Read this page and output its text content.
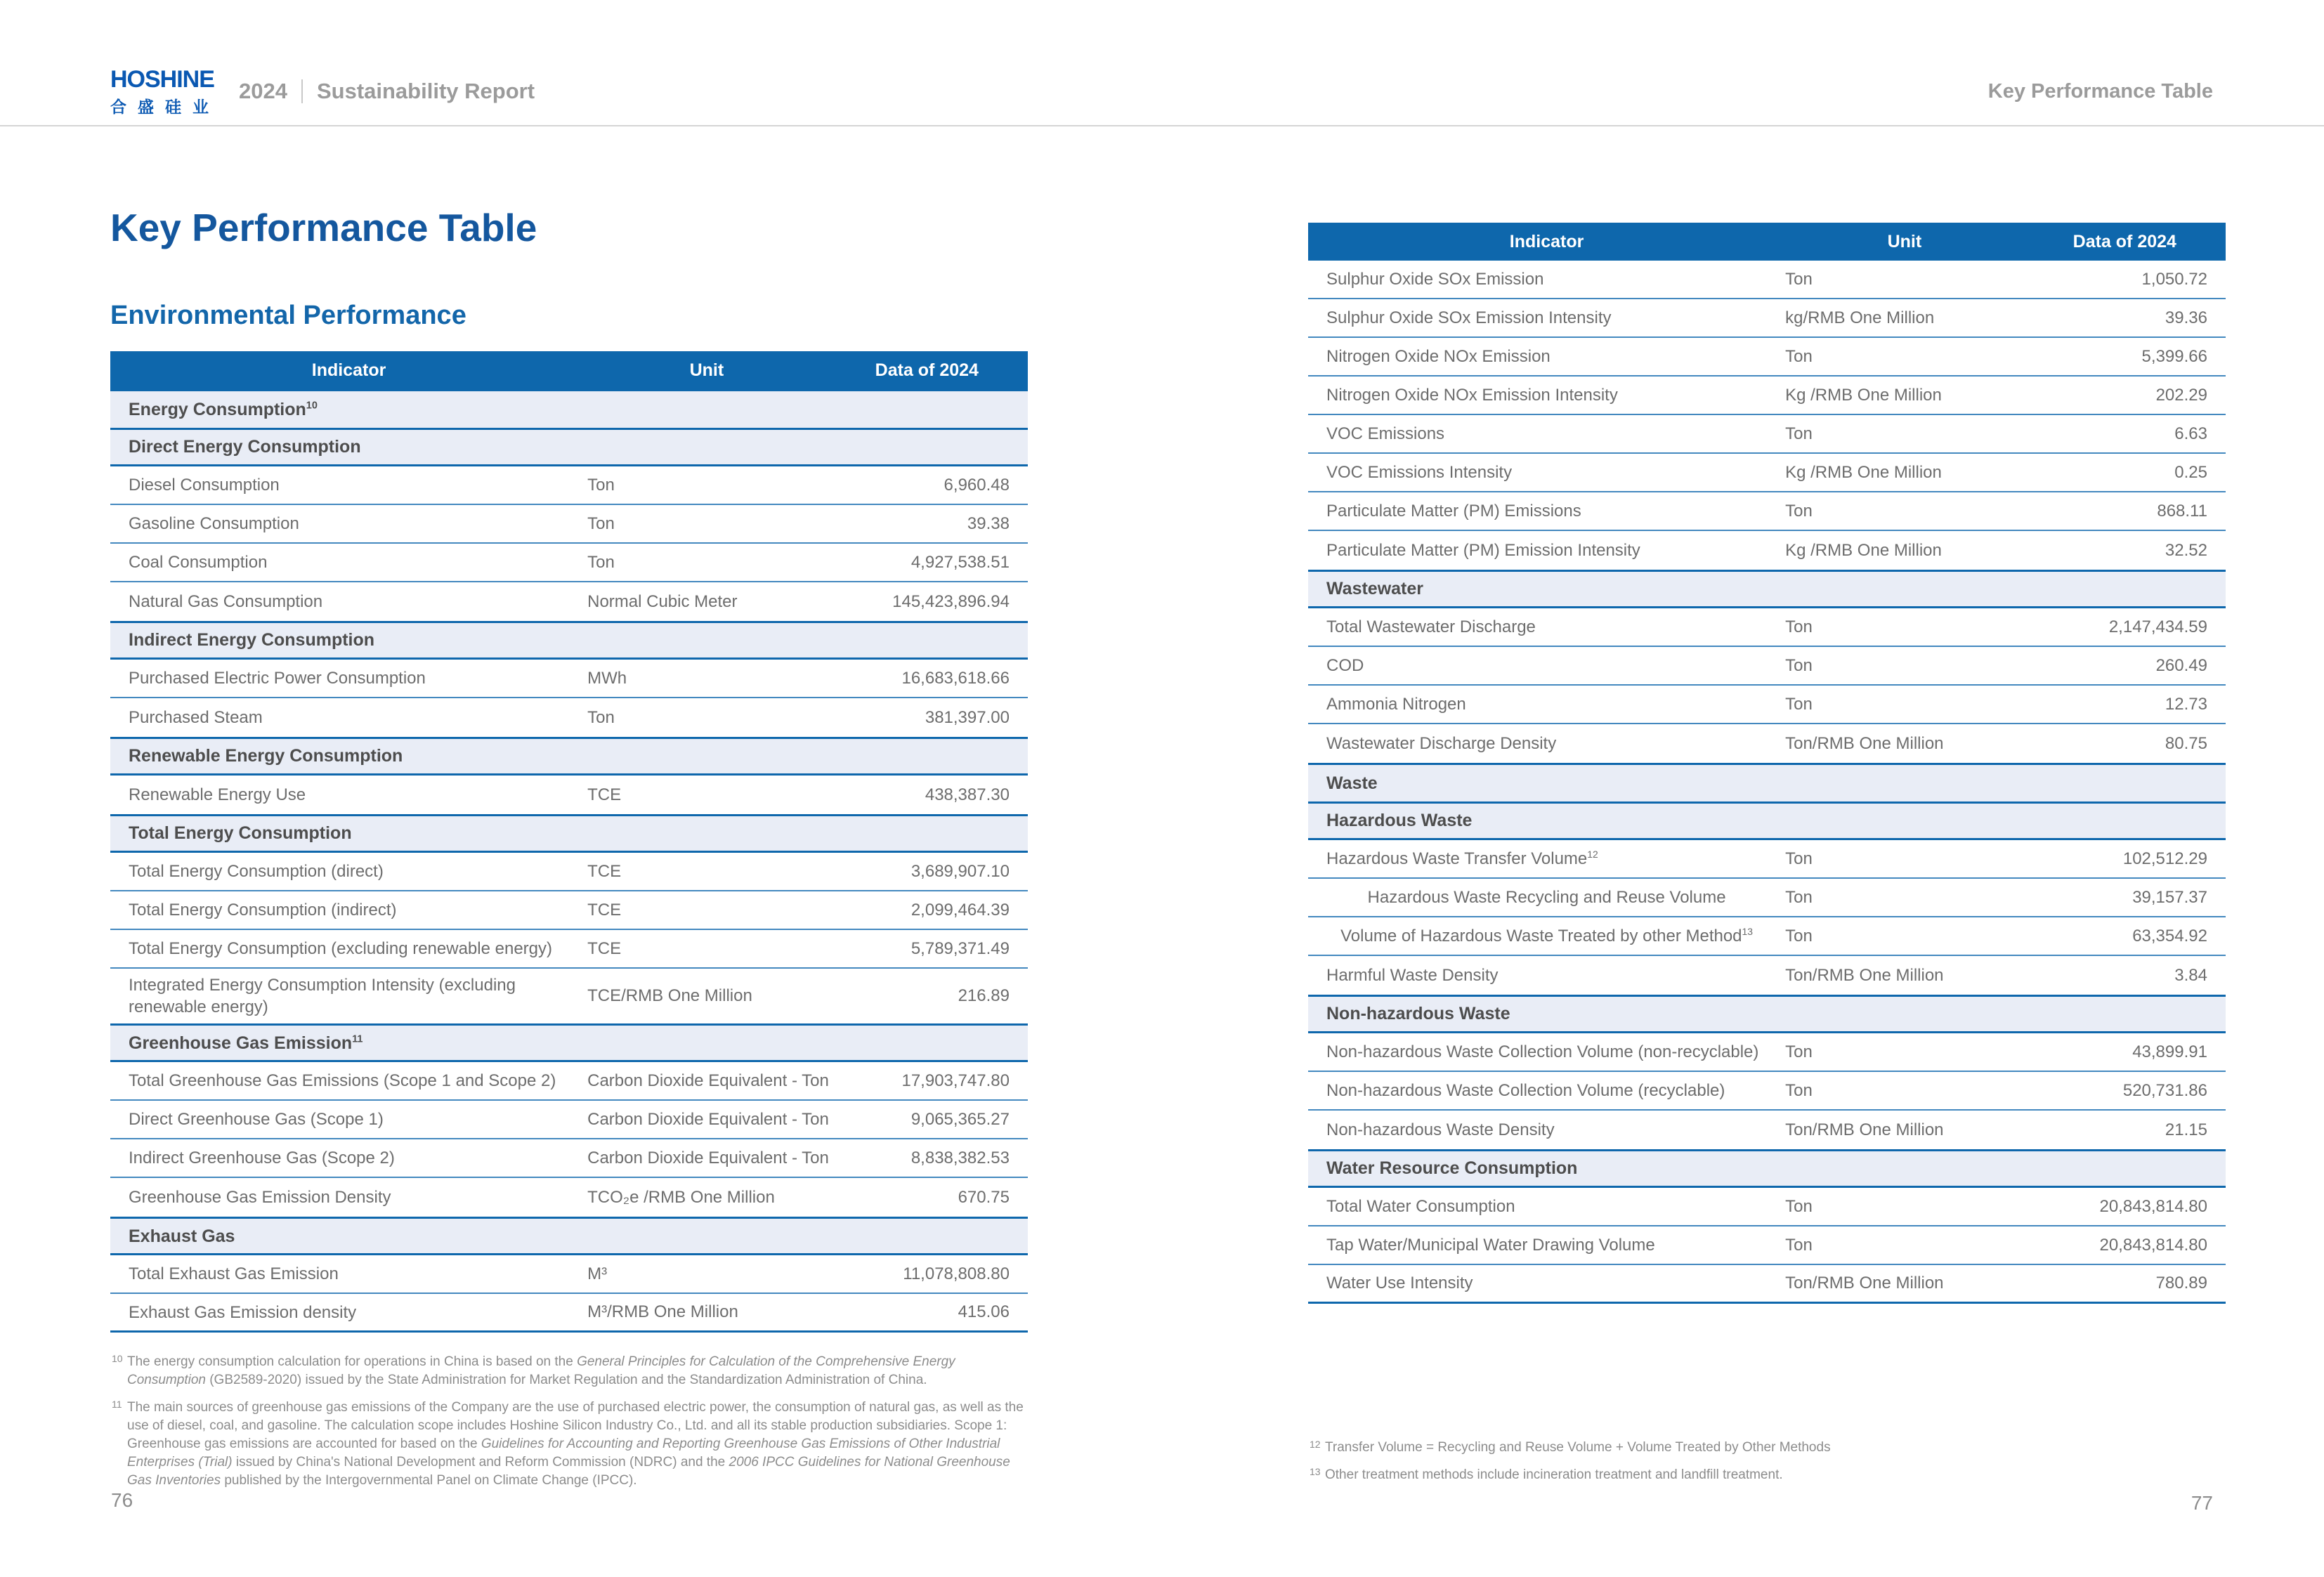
HOSHINE
合 盛 硅 业
2024 Sustainability Report	Key Performance Table
Key Performance Table
Environmental Performance
Indicator	Unit	Data of 2024
Energy Consumption$^{10}$
Direct Energy Consumption
Diesel Consumption	Ton	6,960.48
Gasoline Consumption	Ton	39.38
Coal Consumption	Ton	4,927,538.51
Natural Gas Consumption	Normal Cubic Meter	145,423,896.94
Indirect Energy Consumption
Purchased Electric Power Consumption	MWh	16,683,618.66
Purchased Steam	Ton	381,397.00
Renewable Energy Consumption
Renewable Energy Use	TCE	438,387.30
Total Energy Consumption
Total Energy Consumption (direct)	TCE	3,689,907.10
Total Energy Consumption (indirect)	TCE	2,099,464.39
Total Energy Consumption (excluding renewable energy)	TCE	5,789,371.49
Integrated Energy Consumption Intensity (excluding renewable energy)
TCE/RMB One Million	216.89
Greenhouse Gas Emission$^{11}$
Total Greenhouse Gas Emissions (Scope 1 and Scope 2)	Carbon Dioxide Equivalent - Ton	17,903,747.80
Direct Greenhouse Gas (Scope 1)	Carbon Dioxide Equivalent - Ton	9,065,365.27
Indirect Greenhouse Gas (Scope 2)	Carbon Dioxide Equivalent - Ton	8,838,382.53
Greenhouse Gas Emission Density	TCO₂e /RMB One Million	670.75
Exhaust Gas
Total Exhaust Gas Emission	M³	11,078,808.80
Exhaust Gas Emission density	M³/RMB One Million	415.06
10 The energy consumption calculation for operations in China is based on the General Principles for Calculation of the Comprehensive Energy Consumption (GB2589-2020) issued by the State Administration for Market Regulation and the Standardization Administration of China.
11 The main sources of greenhouse gas emissions of the Company are the use of purchased electric power, the consumption of natural gas, as well as the use of diesel, coal, and gasoline. The calculation scope includes Hoshine Silicon Industry Co., Ltd. and all its stable production subsidiaries. Scope 1: Greenhouse gas emissions are accounted for based on the Guidelines for Accounting and Reporting Greenhouse Gas Emissions of Other Industrial Enterprises (Trial) issued by China's National Development and Reform Commission (NDRC) and the 2006 IPCC Guidelines for National Greenhouse Gas Inventories published by the Intergovernmental Panel on Climate Change (IPCC).
76
Indicator	Unit	Data of 2024
Sulphur Oxide SOx Emission	Ton	1,050.72
Sulphur Oxide SOx Emission Intensity	kg/RMB One Million	39.36
Nitrogen Oxide NOx Emission	Ton	5,399.66
Nitrogen Oxide NOx Emission Intensity	Kg /RMB One Million	202.29
VOC Emissions	Ton	6.63
VOC Emissions Intensity	Kg /RMB One Million	0.25
Particulate Matter (PM) Emissions	Ton	868.11
Particulate Matter (PM) Emission Intensity	Kg /RMB One Million	32.52
Wastewater
Total Wastewater Discharge	Ton	2,147,434.59
COD	Ton	260.49
Ammonia Nitrogen	Ton	12.73
Wastewater Discharge Density	Ton/RMB One Million	80.75
Waste
Hazardous Waste
Hazardous Waste Transfer Volume$^{12}$	Ton	102,512.29
Hazardous Waste Recycling and Reuse Volume	Ton	39,157.37
Volume of Hazardous Waste Treated by other Method$^{13}$	Ton	63,354.92
Harmful Waste Density	Ton/RMB One Million	3.84
Non-hazardous Waste
Non-hazardous Waste Collection Volume (non-recyclable)	Ton	43,899.91
Non-hazardous Waste Collection Volume (recyclable)	Ton	520,731.86
Non-hazardous Waste Density	Ton/RMB One Million	21.15
Water Resource Consumption
Total Water Consumption	Ton	20,843,814.80
Tap Water/Municipal Water Drawing Volume	Ton	20,843,814.80
Water Use Intensity	Ton/RMB One Million	780.89
12 Transfer Volume = Recycling and Reuse Volume + Volume Treated by Other Methods
13 Other treatment methods include incineration treatment and landfill treatment.
77
